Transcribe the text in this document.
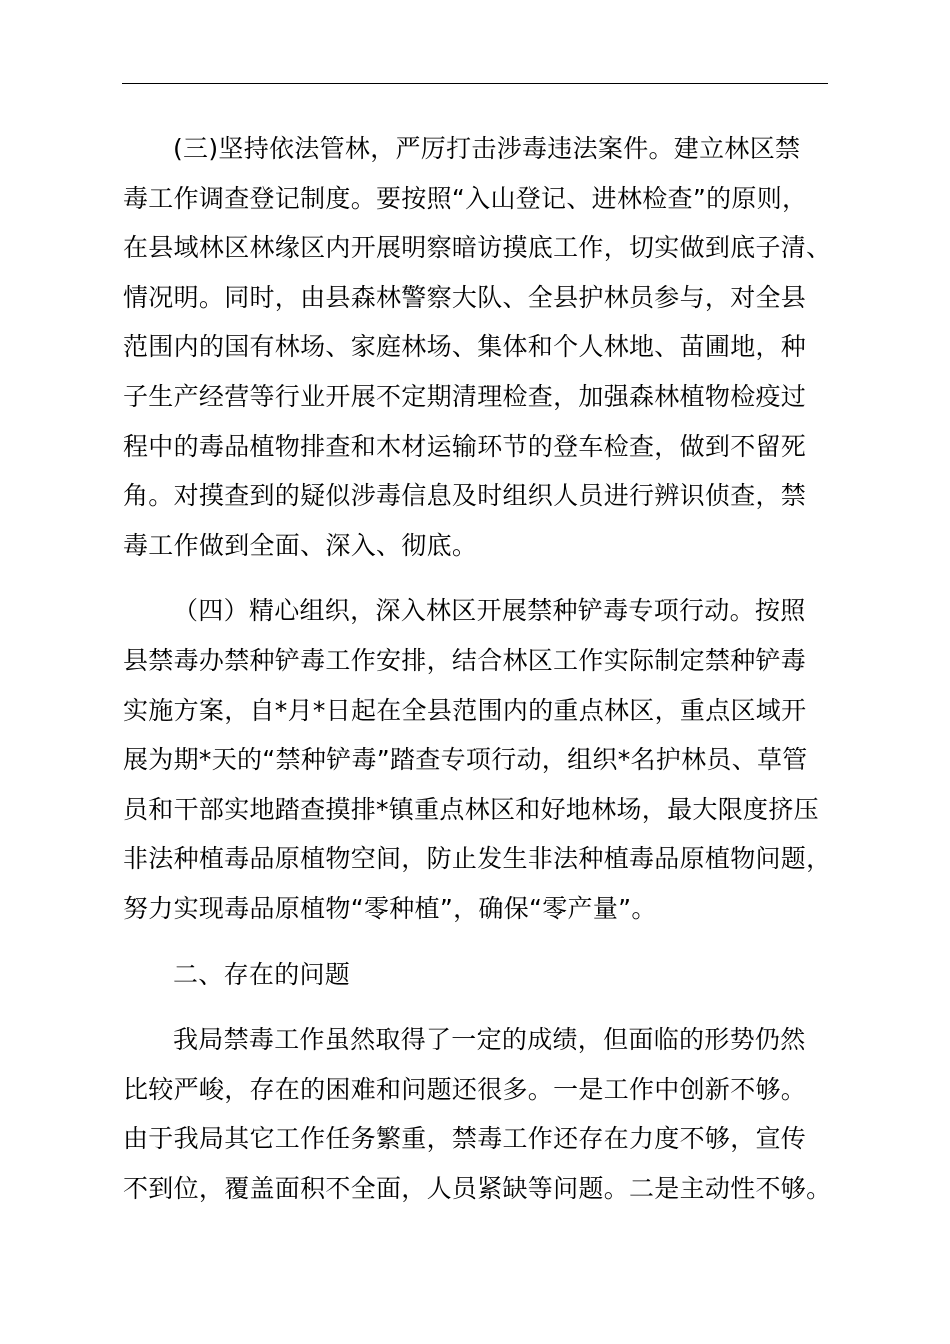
(三)坚持依法管林，严厉打击涉毒违法案件。建立林区禁
毒工作调查登记制度。要按照“入山登记、进林检查”的原则，
在县域林区林缘区内开展明察暗访摸底工作，切实做到底子清、
情况明。同时，由县森林警察大队、全县护林员参与，对全县
范围内的国有林场、家庭林场、集体和个人林地、苗圃地，种
子生产经营等行业开展不定期清理检查，加强森林植物检疫过
程中的毒品植物排查和木材运输环节的登车检查，做到不留死
角。对摸查到的疑似涉毒信息及时组织人员进行辨识侦查，禁
毒工作做到全面、深入、彻底。
（四）精心组织，深入林区开展禁种铲毒专项行动。按照
县禁毒办禁种铲毒工作安排，结合林区工作实际制定禁种铲毒
实施方案，自*月*日起在全县范围内的重点林区，重点区域开
展为期*天的“禁种铲毒”踏查专项行动，组织*名护林员、草管
员和干部实地踏查摸排*镇重点林区和好地林场，最大限度挤压
非法种植毒品原植物空间，防止发生非法种植毒品原植物问题，
努力实现毒品原植物“零种植”，确保“零产量”。
二、存在的问题
我局禁毒工作虽然取得了一定的成绩，但面临的形势仍然
比较严峻，存在的困难和问题还很多。一是工作中创新不够。
由于我局其它工作任务繁重，禁毒工作还存在力度不够，宣传
不到位，覆盖面积不全面，人员紧缺等问题。二是主动性不够。
